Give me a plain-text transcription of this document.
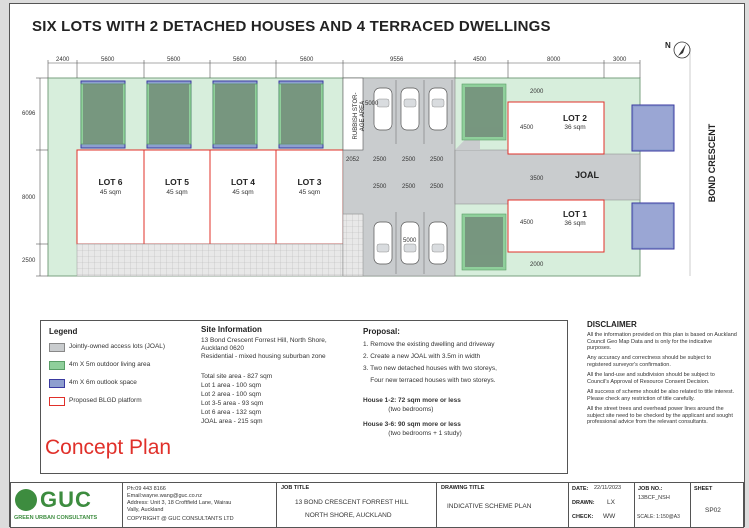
SIX LOTS WITH 2 DETACHED HOUSES AND 4 TERRACED DWELLINGS
2400	5600	5600	5600	5600	9556	4500	8000	3000
6096
8000
2500
LOT 6
45 sqm
LOT 5
45 sqm
LOT 4
45 sqm
LOT 3
45 sqm
LOT 2
36 sqm
LOT 1
36 sqm
RUBBISH STOR- AGE AREA 5000
5000
2052 2500	2500 2500
2500	2500 2500
3500
4500
4500
2000
2000
JOAL
N
BOND CRESCENT
Legend
Jointly-owned access lots (JOAL)
4m X 5m outdoor living area
4m X 6m outlook space
Proposed BLGD platform
Site Information
13 Bond Crescent Forrest Hill, North Shore,
Auckland 0620
Residential - mixed housing suburban zone
Total site area - 827 sqm
Lot 1 area - 100 sqm
Lot 2 area - 100 sqm
Lot 3-5 area - 93 sqm
Lot 6 area - 132 sqm
JOAL area - 215 sqm
Proposal:
1. Remove the existing dwelling and driveway
2. Create a new JOAL with 3.5m in width
3. Two new detached houses with two storeys,
Four new terraced houses with two storeys.
House 1-2: 72 sqm more or less
(two bedrooms)
House 3-6: 90 sqm more or less
(two bedrooms + 1 study)
Concept Plan
DISCLAIMER
All the information provided on this plan is based on Auckland Council Geo Map Data and is only for the indicative purposes.
Any accuracy and correctness should be subject to registered surveyor's confirmation.
All the land-use and subdivision should be subject to Council's Approval of Resource Consent Decision.
All success of scheme should be also related to title interest. Please check any restriction of title carefully.
All the street trees and overhead power lines around the subject site need to be checked by the applicant and sought professional advice from the relevant consultants.
GUC
GREEN URBAN CONSULTANTS
Ph:09 443 8166
Email:wayne.wang@guc.co.nz
Address: Unit 3, 18 Croftfield Lane, Wairau
Vally, Auckland
COPYRIGHT @ GUC CONSULTANTS LTD
JOB TITLE
13 BOND CRESCENT FORREST HILL
NORTH SHORE, AUCKLAND
DRAWING TITLE
INDICATIVE SCHEME PLAN
DATE: 22/11/2023
DRAWN: LX
CHECK: WW
JOB NO.:
13BCF_NSH
SCALE: 1:150@A3
SHEET
SP02
